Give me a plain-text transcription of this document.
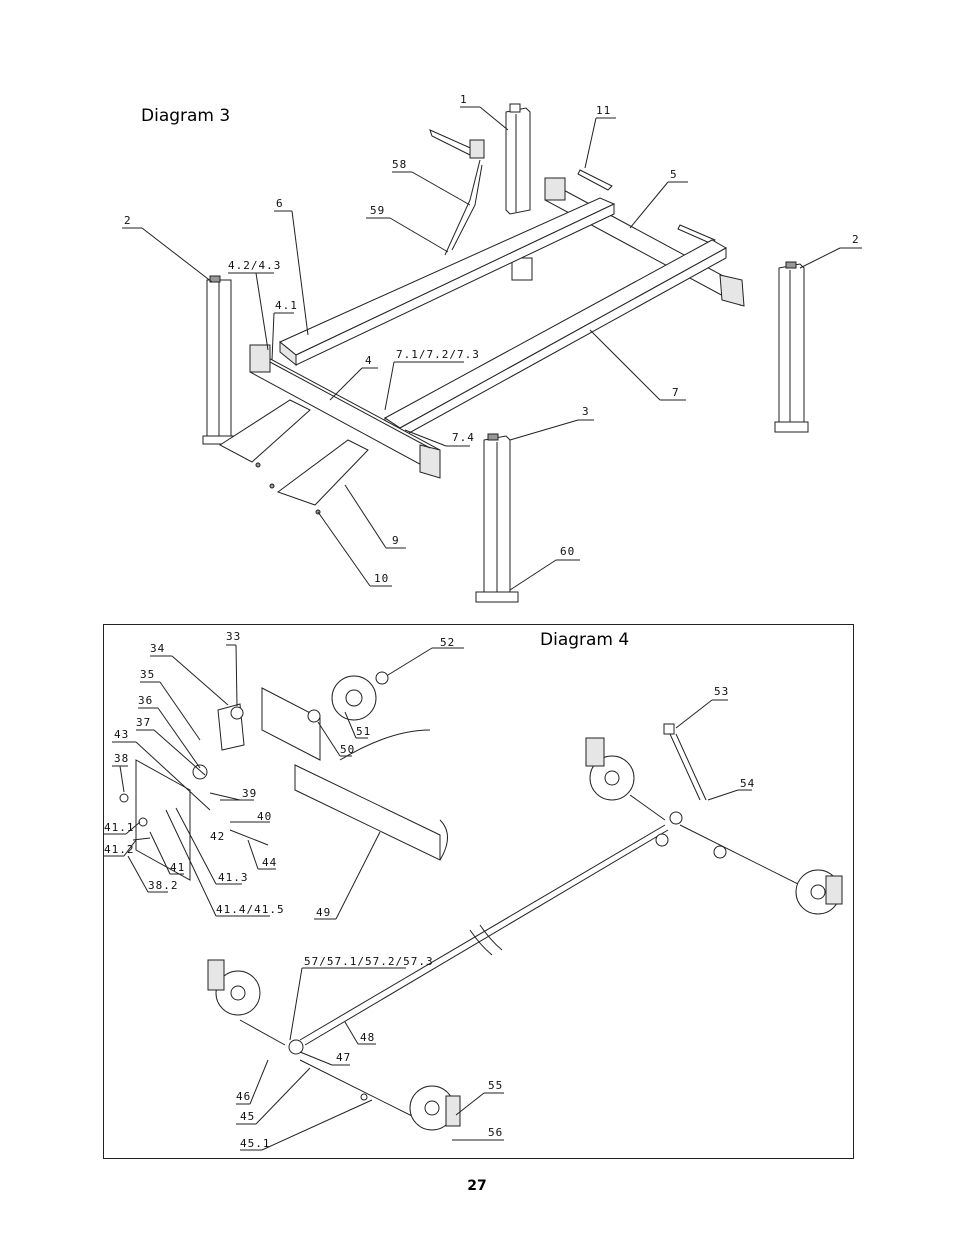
Diagram 3
1
11
58
5
59
6
2
2
4.2/4.3
4.1
7.1/7.2/7.3
4
7
3
7.4
9
60
10
33	52
34
35
36
37
43
38
39
40
41.1
41.2
42
41
41.3
38.2
44
41.4/41.5
50
51
49
53
54
57/57.1/57.2/57.3
48
47
46
45
55
45.1
56
Diagram 4
27
